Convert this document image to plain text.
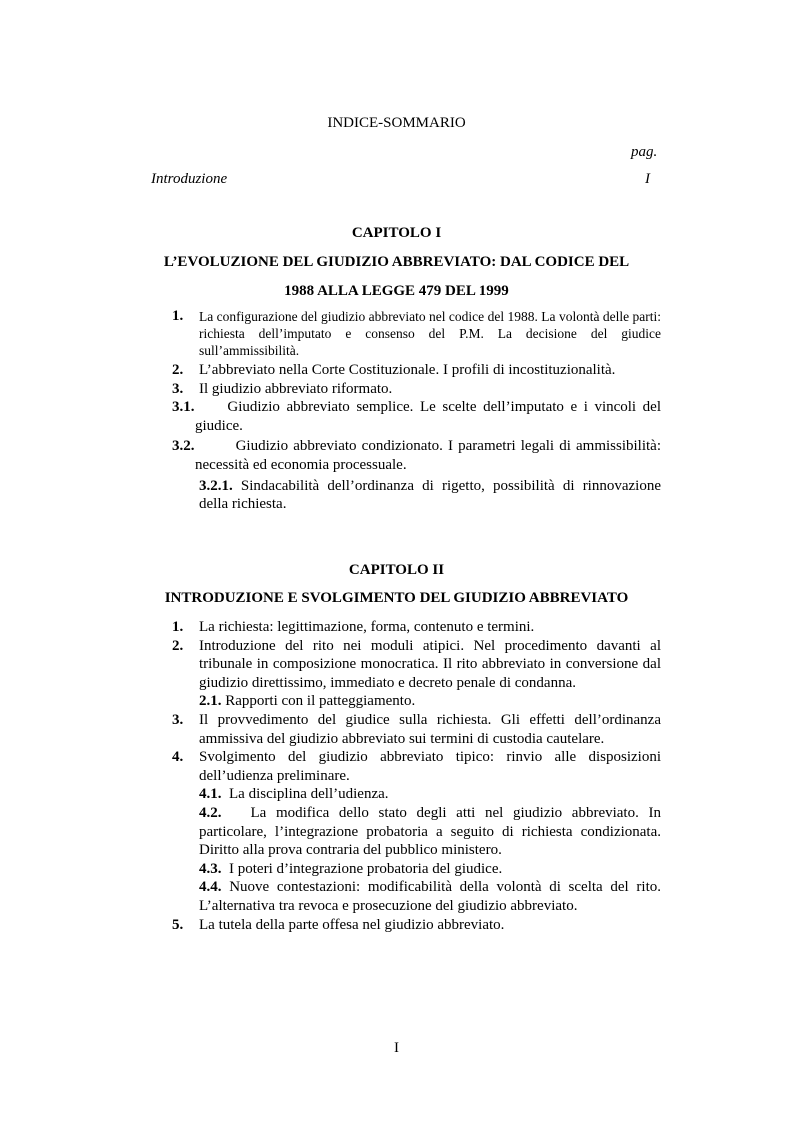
INDICE-SOMMARIO
pag.
Introduzione	I
CAPITOLO I
L’EVOLUZIONE DEL GIUDIZIO ABBREVIATO: DAL CODICE DEL
1988 ALLA LEGGE 479 DEL 1999
1.	La configurazione del giudizio abbreviato nel codice del 1988. La volontà delle parti: richiesta dell’imputato e consenso del P.M. La decisione del giudice sull’ammissibilità.
2.	L’abbreviato nella Corte Costituzionale. I profili di incostituzionalità.
3.	Il giudizio abbreviato riformato.
3.1. Giudizio abbreviato semplice. Le scelte dell’imputato e i vincoli del giudice.
3.2.	Giudizio abbreviato condizionato. I parametri legali di ammissibilità: necessità ed economia processuale.
3.2.1. Sindacabilità dell’ordinanza di rigetto, possibilità di rinnovazione della richiesta.
CAPITOLO II
INTRODUZIONE E SVOLGIMENTO DEL GIUDIZIO ABBREVIATO
1.	La richiesta: legittimazione, forma, contenuto e termini.
2.	Introduzione del rito nei moduli atipici. Nel procedimento davanti al tribunale in composizione monocratica. Il rito abbreviato in conversione dal giudizio direttissimo, immediato e decreto penale di condanna.
2.1. Rapporti con il patteggiamento.
3.	Il provvedimento del giudice sulla richiesta. Gli effetti dell’ordinanza ammissiva del giudizio abbreviato sui termini di custodia cautelare.
4.	Svolgimento del giudizio abbreviato tipico: rinvio alle disposizioni dell’udienza preliminare.
4.1. La disciplina dell’udienza.
4.2. La modifica dello stato degli atti nel giudizio abbreviato. In particolare, l’integrazione probatoria a seguito di richiesta condizionata. Diritto alla prova contraria del pubblico ministero.
4.3. I poteri d’integrazione probatoria del giudice.
4.4. Nuove contestazioni: modificabilità della volontà di scelta del rito. L’alternativa tra revoca e prosecuzione del giudizio abbreviato.
5.	La tutela della parte offesa nel giudizio abbreviato.
I
